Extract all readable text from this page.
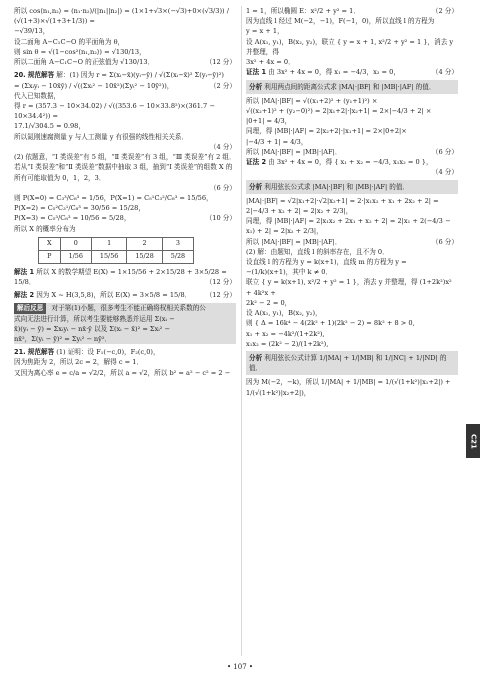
所以 cos⟨n₁,n₂⟩ = (n₁·n₂)/(|n₁||n₂|) = (1×1+√3×(−√3)+0×(√3/3)) / (√(1+3)×√(1+3+1/3)) =
−√39/13，
设二面角 A−C₁C−O 的平面角为 θ，
则 sin θ = √(1−cos²⟨n₁,n₂⟩) = √130/13，
所以二面角 A−C₁C−O 的正弦值为 √130/13．	（12 分）
20. 规范解答 解：(1) 因为 r = Σ(xᵢ−x̄)(yᵢ−ȳ) / √(Σ(xᵢ−x̄)² Σ(yᵢ−ȳ)²)
= (Σxᵢyᵢ − 10x̄ȳ) / √((Σxᵢ² − 10x̄²)(Σyᵢ² − 10ȳ²))，	（2 分）
代入已知数据，
得 r = (357.3 − 10×34.02) / √((353.6 − 10×33.8²)×(361.7 − 10×34.4²)) =
17.1/√304.5 ≈ 0.98，
所以氮刚速腐测量 y 与人工测量 y 有很强的线性相关关系．
（4 分）
(2) 依题意，“Ⅰ 类误差”有 5 组，“Ⅱ 类误差”有 3 组，“Ⅲ 类误差”有 2 组．
若从“Ⅰ 类误差”和“Ⅱ 类误差”数据中抽取 3 组，抽到“Ⅰ 类误差”的组数 X 的所有可能取值为 0，1，2，3．
（6 分）
则 P(X=0) = C₃³/C₈³ = 1/56，P(X=1) = C₅¹C₃²/C₈³ = 15/56，
P(X=2) = C₅²C₃¹/C₈³ = 30/56 = 15/28，
P(X=3) = C₅³/C₈³ = 10/56 = 5/28，	（10 分）
所以 X 的概率分布为
X	0	1	2	3
P	1/56	15/56	15/28	5/28
解法 1 所以 X 的数学期望 E(X) = 1×15/56 + 2×15/28 + 3×5/28 =
15/8．	（12 分）
解法 2 因为 X ~ H(3,5,8)，所以 E(X) = 3×5/8 = 15/8． （12 分）
解后反思 对于第(1)小题，很多考生不能正确将权相关系数的公
式向无法进行计算，所以考生要能够熟悉并运用 Σ(xᵢ −
x̄)(yᵢ − ȳ) = Σxᵢyᵢ − nx̄·ȳ 以及 Σ(xᵢ − x̄)² = Σxᵢ² −
nx̄²，Σ(yᵢ − ȳ)² = Σyᵢ² − nȳ²．
21. 规范解答 (1) 证明：设 F₁(−c,0)，F₂(c,0)，
因为焦距为 2，所以 2c = 2，解得 c = 1．
又因为离心率 e = c/a = √2/2，所以 a = √2，所以 b² = a² − c² = 2 −
1 = 1，所以椭圆 E：x²/2 + y² = 1．	（2 分）
因为直线 l 经过 M(−2，−1)，F(−1，0)，所以直线 l 的方程为
y = x + 1，
设 A(x₁, y₁)，B(x₂, y₂)，联立 { y = x + 1, x²/2 + y² = 1 }，消去 y 并整理，得
3x² + 4x = 0．
证法 1 由 3x² + 4x = 0，得 x₁ = −4/3，x₂ = 0，	（4 分）
分析 利用两点间的距离公式求 |MA|·|BF| 和 |MB|·|AF| 的值．
所以 |MA|·|BF| = √((x₁+2)² + (y₁+1)²) ×
√((x₂+1)² + (y₂−0)²) = 2|x₁+2|·|x₂+1| = 2×|−4/3 + 2| ×
|0+1| = 4/3，
同理，得 |MB|·|AF| = 2|x₂+2|·|x₁+1| = 2×|0+2|×
|−4/3 + 1| = 4/3，
所以 |MA|·|BF| = |MB|·|AF|．	（6 分）
证法 2 由 3x² + 4x = 0，得 { x₁ + x₂ = −4/3, x₁x₂ = 0 }，
（4 分）
分析 利用弦长公式求 |MA|·|BF| 和 |MB|·|AF| 的值．
|MA|·|BF| = √2|x₁+2|·√2|x₂+1| = 2·|x₁x₂ + x₁ + 2x₂ + 2| =
2|−4/3 + x₂ + 2| = 2|x₂ + 2/3|，
同理，得 |MB|·|AF| = 2|x₁x₂ + 2x₁ + x₂ + 2| = 2|x₁ + 2(−4/3 −
x₁) + 2| = 2|x₂ + 2/3|，
所以 |MA|·|BF| = |MB|·|AF|．	（6 分）
(2) 解：由题知，直线 l 的斜率存在，且不为 0．
设直线 l 的方程为 y = k(x+1)，直线 m 的方程为 y =
−(1/k)(x+1)，其中 k ≠ 0．
联立 { y = k(x+1), x²/2 + y² = 1 }，消去 y 并整理，得 (1+2k²)x² + 4k²x +
2k² − 2 = 0，
设 A(x₁, y₁)，B(x₂, y₂)，
则 { Δ = 16k⁴ − 4(2k² + 1)(2k² − 2) = 8k² + 8 > 0,
x₁ + x₂ = −4k²/(1+2k²),
x₁x₂ = (2k² − 2)/(1+2k²),
分析 利用弦长公式计算 1/|MA| + 1/|MB| 和 1/|NC| + 1/|ND| 的值．
因为 M(−2，−k)，所以 1/|MA| + 1/|MB| = 1/(√(1+k²)|x₁+2|) +
1/(√(1+k²)|x₂+2|)，
C21
• 107 •
